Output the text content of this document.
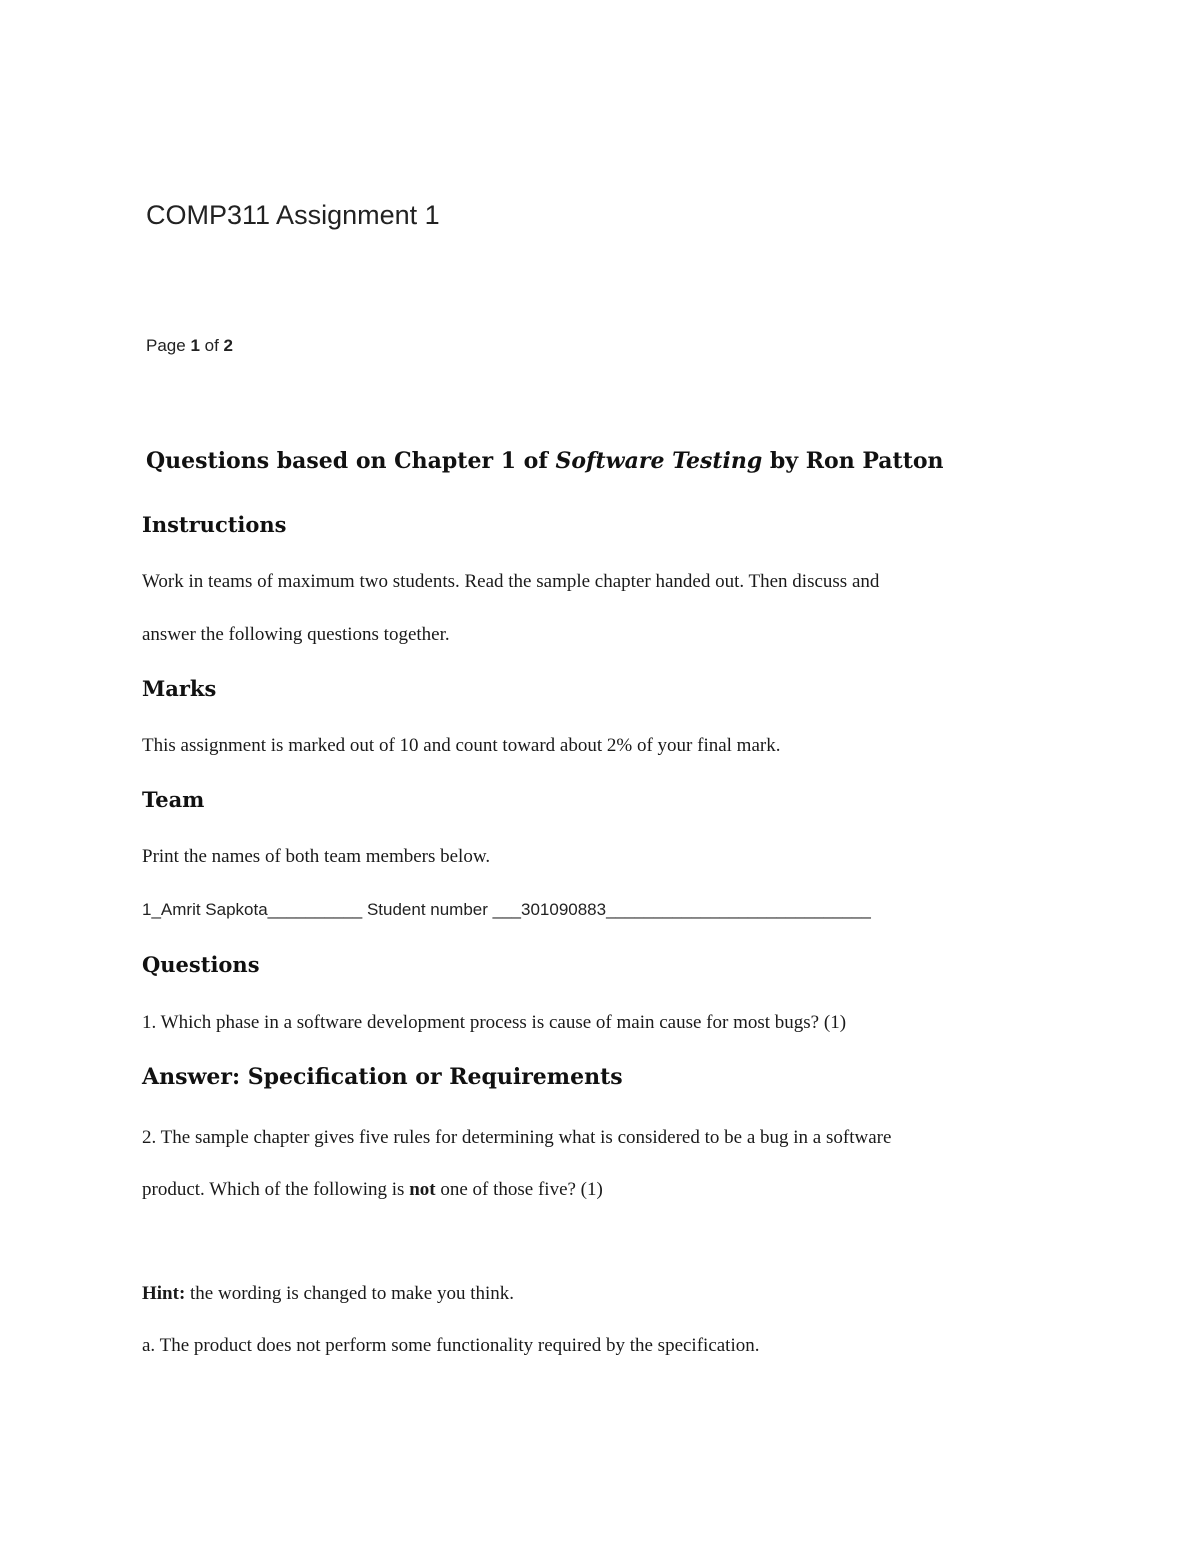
COMP311 Assignment 1
Page 1 of 2
Questions based on Chapter 1 of Software Testing by Ron Patton
Instructions
Work in teams of maximum two students. Read the sample chapter handed out. Then discuss and
answer the following questions together.
Marks
This assignment is marked out of 10 and count toward about 2% of your final mark.
Team
Print the names of both team members below.
1_Amrit Sapkota__________ Student number ___301090883____________________________
Questions
1. Which phase in a software development process is cause of main cause for most bugs? (1)
Answer: Specification or Requirements
2. The sample chapter gives five rules for determining what is considered to be a bug in a software
product. Which of the following is not one of those five? (1)
Hint: the wording is changed to make you think.
a. The product does not perform some functionality required by the specification.
